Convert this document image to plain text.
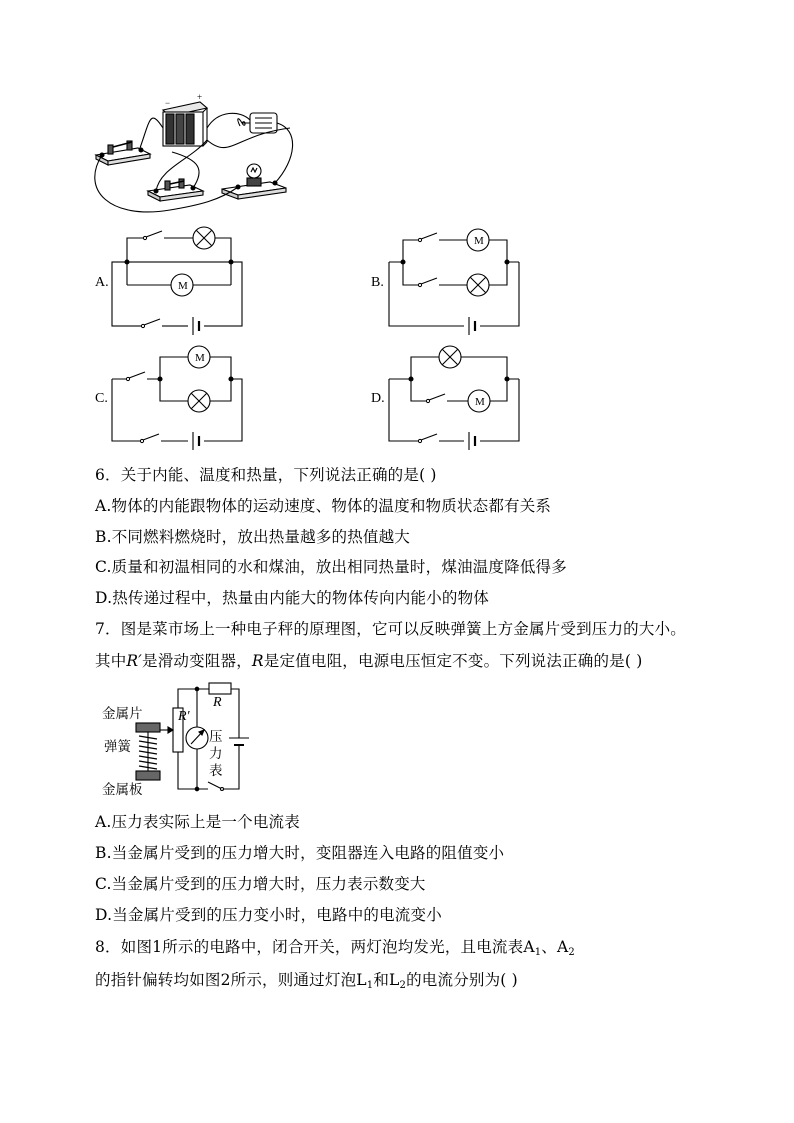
+
−
M
M
M
M
A.	B.
C.	D.
6．关于内能、温度和热量，下列说法正确的是( )
A.物体的内能跟物体的运动速度、物体的温度和物质状态都有关系
B.不同燃料燃烧时，放出热量越多的热值越大
C.质量和初温相同的水和煤油，放出相同热量时，煤油温度降低得多
D.热传递过程中，热量由内能大的物体传向内能小的物体
7．图是菜市场上一种电子秤的原理图，它可以反映弹簧上方金属片受到压力的大小。
其中R′是滑动变阻器，R是定值电阻，电源电压恒定不变。下列说法正确的是( )
金属片
弹簧
金属板
压
力
表
R
R′
A.压力表实际上是一个电流表
B.当金属片受到的压力增大时，变阻器连入电路的阻值变小
C.当金属片受到的压力增大时，压力表示数变大
D.当金属片受到的压力变小时，电路中的电流变小
8．如图1所示的电路中，闭合开关，两灯泡均发光，且电流表$A_1$、$A_2$
的指针偏转均如图2所示，则通过灯泡$L_1$和$L_2$的电流分别为( )
